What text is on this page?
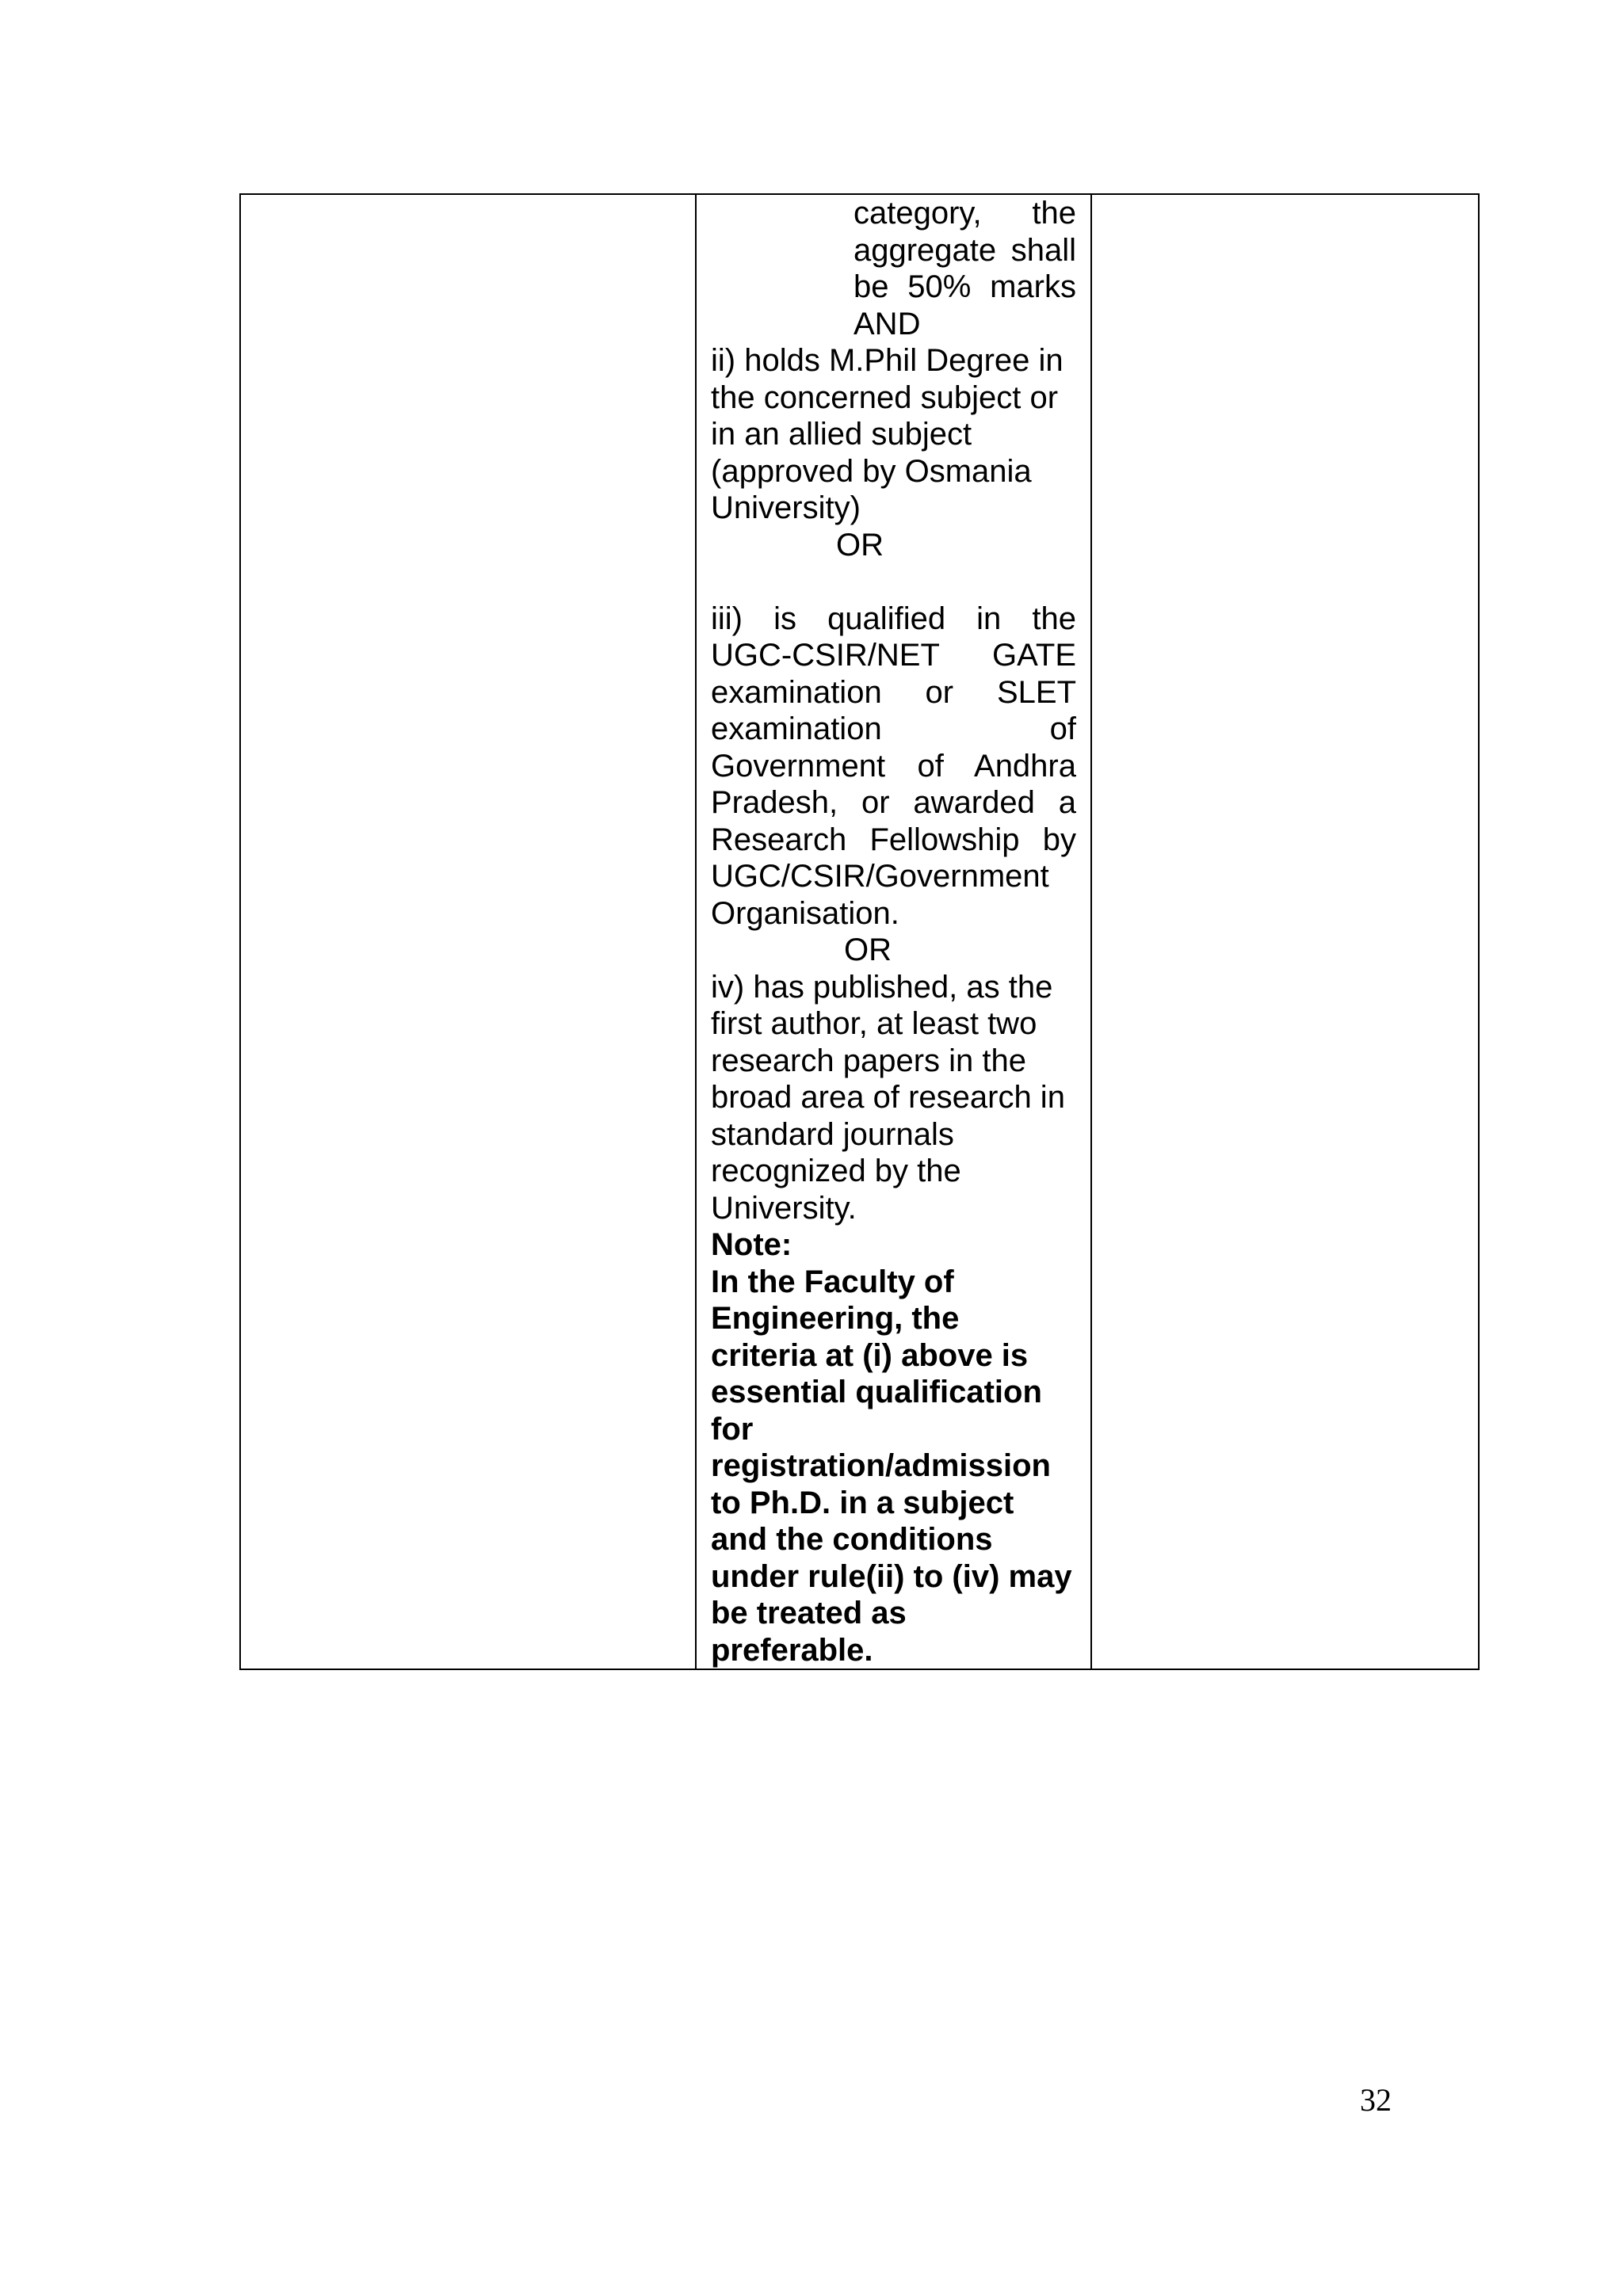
category, the
aggregate shall
be 50% marks
AND
ii) holds M.Phil Degree in
the concerned subject or
in an allied subject
(approved by Osmania
University)
OR
iii) is qualified in the
UGC-CSIR/NET GATE
examination or SLET
examination of
Government of Andhra
Pradesh, or awarded a
Research Fellowship by
UGC/CSIR/Government
Organisation.
OR
iv) has published, as the
first author, at least two
research papers in the
broad area of research in
standard journals
recognized by the
University.
Note:
In the Faculty of
Engineering, the
criteria at (i) above is
essential qualification
for
registration/admission
to Ph.D. in a subject
and the conditions
under rule(ii) to (iv) may
be treated as
preferable.

32
